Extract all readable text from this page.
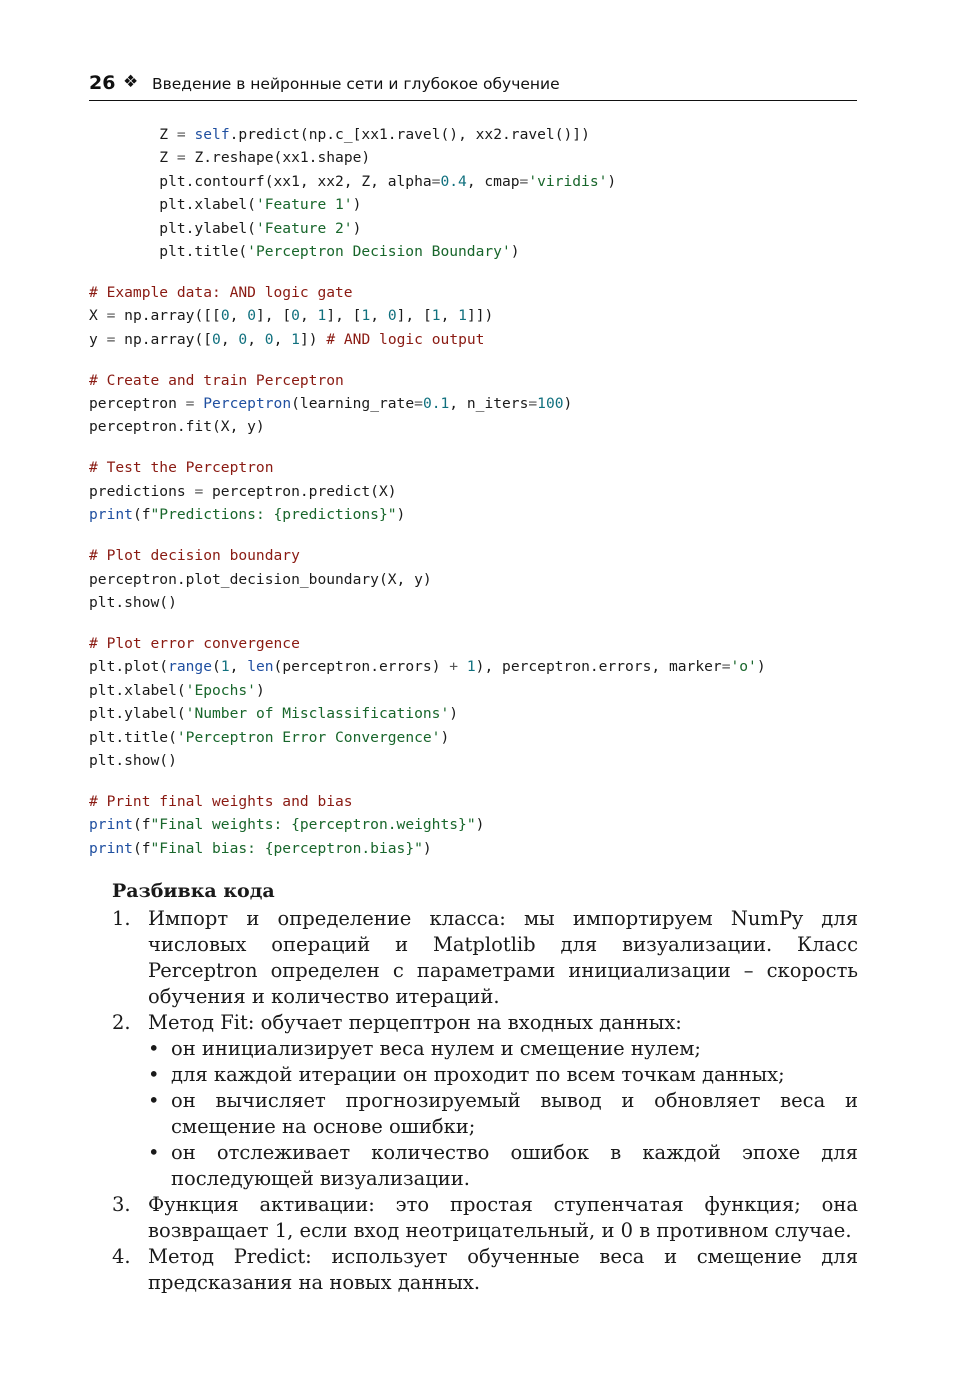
26 ❖ Введение в нейронные сети и глубокое обучение
Z = self.predict(np.c_[xx1.ravel(), xx2.ravel()])
Z = Z.reshape(xx1.shape)
plt.contourf(xx1, xx2, Z, alpha=0.4, cmap='viridis')
plt.xlabel('Feature 1')
plt.ylabel('Feature 2')
plt.title('Perceptron Decision Boundary')
# Example data: AND logic gate
X = np.array([[0, 0], [0, 1], [1, 0], [1, 1]])
y = np.array([0, 0, 0, 1]) # AND logic output
# Create and train Perceptron
perceptron = Perceptron(learning_rate=0.1, n_iters=100)
perceptron.fit(X, y)
# Test the Perceptron
predictions = perceptron.predict(X)
print(f"Predictions: {predictions}")
# Plot decision boundary
perceptron.plot_decision_boundary(X, y)
plt.show()
# Plot error convergence
plt.plot(range(1, len(perceptron.errors) + 1), perceptron.errors, marker='o')
plt.xlabel('Epochs')
plt.ylabel('Number of Misclassifications')
plt.title('Perceptron Error Convergence')
plt.show()
# Print final weights and bias
print(f"Final weights: {perceptron.weights}")
print(f"Final bias: {perceptron.bias}")
Разбивка кода
1. Импорт и определение класса: мы импортируем NumPy для числовых операций и Matplotlib для визуализации. Класс Perceptron определен с параметрами инициализации – скорость обучения и количество итераций.
2. Метод Fit: обучает перцептрон на входных данных:
• он инициализирует веса нулем и смещение нулем;
• для каждой итерации он проходит по всем точкам данных;
• он вычисляет прогнозируемый вывод и обновляет веса и смещение на основе ошибки;
• он отслеживает количество ошибок в каждой эпохе для последующей визуализации.
3. Функция активации: это простая ступенчатая функция; она возвращает 1, если вход неотрицательный, и 0 в противном случае.
4. Метод Predict: использует обученные веса и смещение для предсказания на новых данных.
